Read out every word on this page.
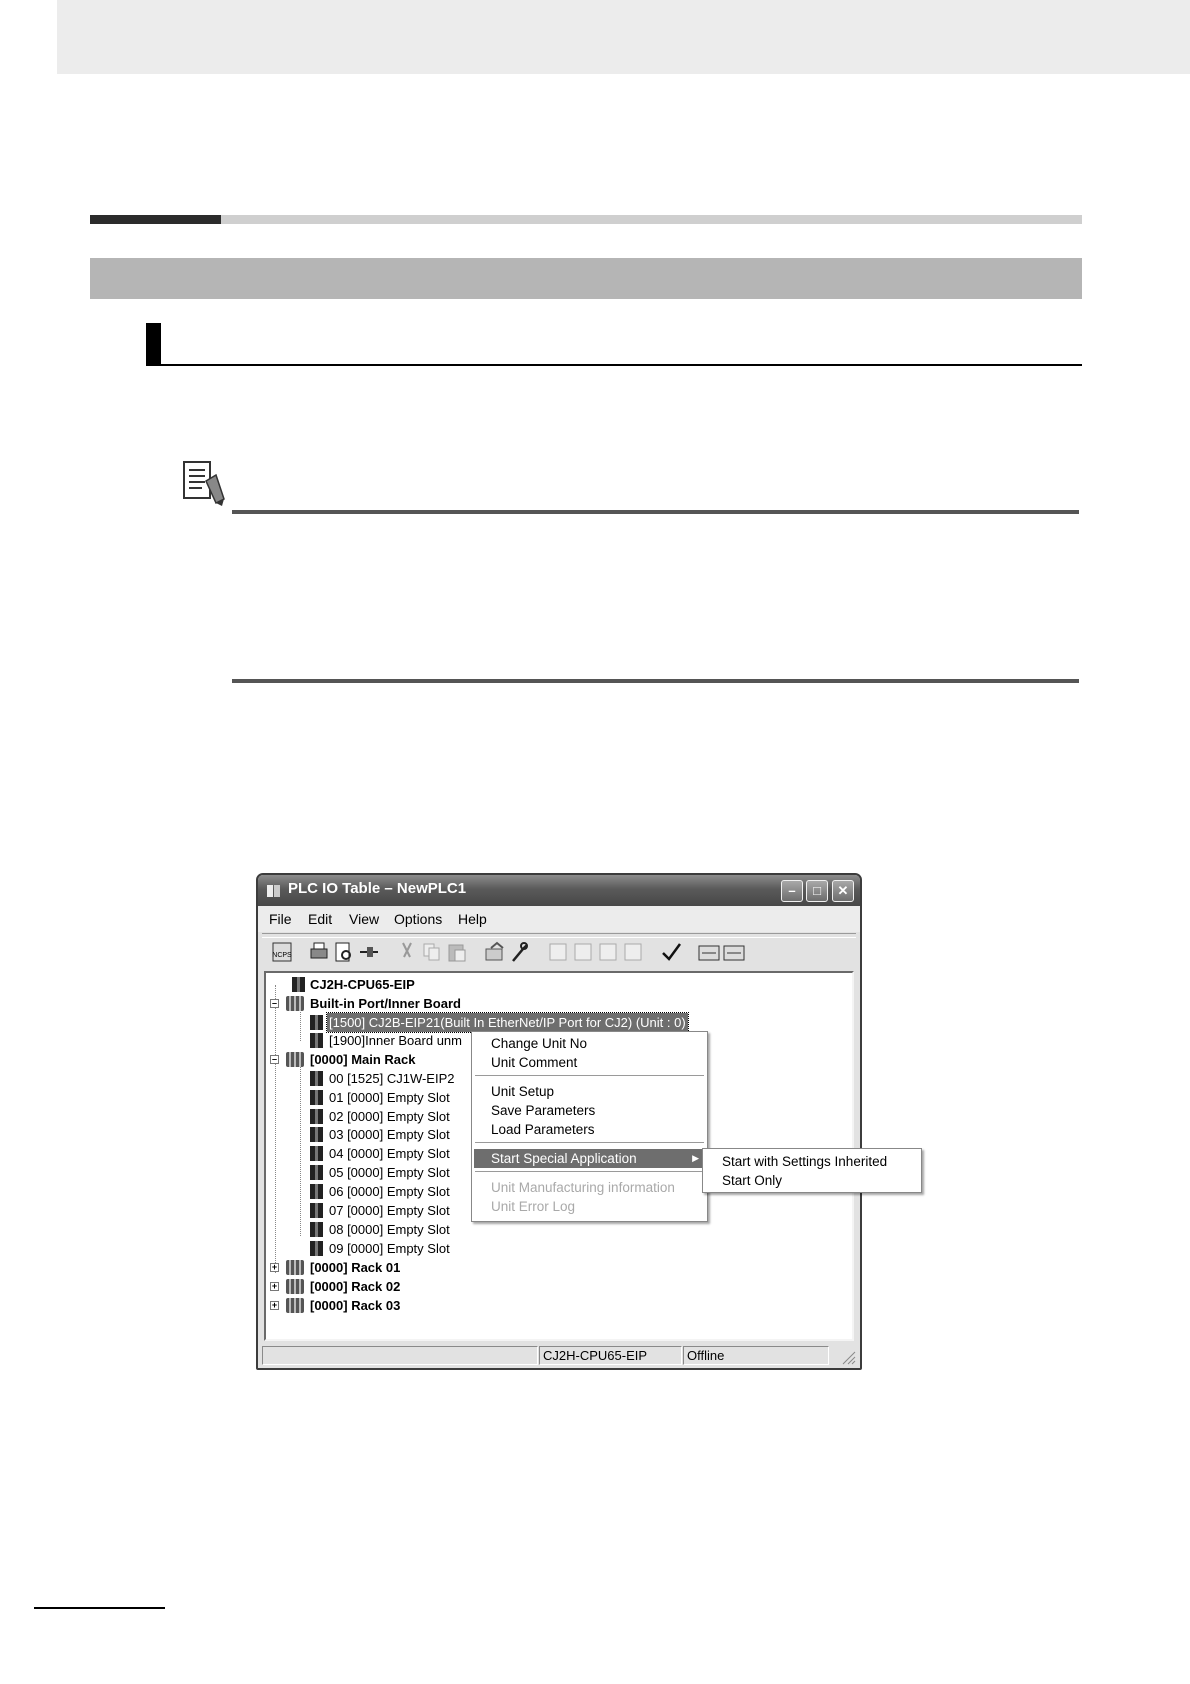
PLC IO Table – NewPLC1	–	□	✕
File Edit View Options Help
NCPS
CJ2H-CPU65-EIP
–	Built-in Port/Inner Board
[1500] CJ2B-EIP21(Built In EtherNet/IP Port for CJ2) (Unit : 0)
[1900]Inner Board unm
–	[0000] Main Rack
00 [1525] CJ1W-EIP2
01 [0000] Empty Slot
02 [0000] Empty Slot
03 [0000] Empty Slot
04 [0000] Empty Slot
05 [0000] Empty Slot
06 [0000] Empty Slot
07 [0000] Empty Slot
08 [0000] Empty Slot
09 [0000] Empty Slot
+	[0000] Rack 01
+	[0000] Rack 02
+	[0000] Rack 03
CJ2H-CPU65-EIP	Offline
Change Unit No
Unit Comment
Unit Setup
Save Parameters
Load Parameters
Start Special Application	▶
Unit Manufacturing information
Unit Error Log
Start with Settings Inherited
Start Only
